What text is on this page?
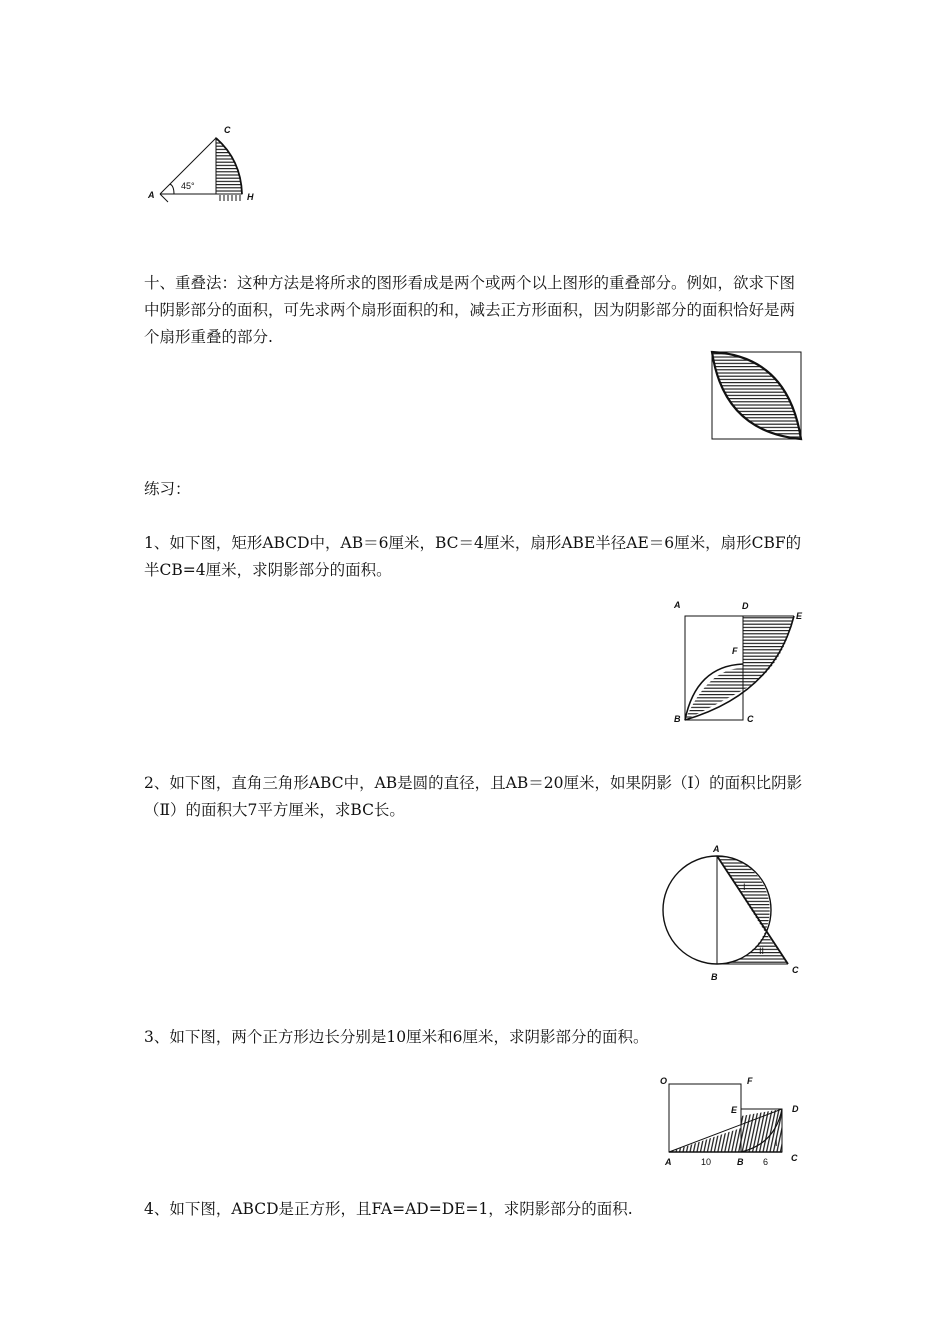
A
C
H
45°

十、重叠法：这种方法是将所求的图形看成是两个或两个以上图形的重叠部分。例如，欲求下图中阴影部分的面积，可先求两个扇形面积的和，减去正方形面积，因为阴影部分的面积恰好是两个扇形重叠的部分.

练习：

1、如下图，矩形ABCD中，AB＝6厘米，BC＝4厘米，扇形ABE半径AE＝6厘米，扇形CBF的半CB=4厘米，求阴影部分的面积。

A	D
E
F
B	C

2、如下图，直角三角形ABC中，AB是圆的直径，且AB＝20厘米，如果阴影（Ⅰ）的面积比阴影（Ⅱ）的面积大7平方厘米，求BC长。

A
B
C
I
II

3、如下图，两个正方形边长分别是10厘米和6厘米，求阴影部分的面积。

O	F
E	D
A	B	C
10	6
I

4、如下图，ABCD是正方形，且FA=AD=DE=1，求阴影部分的面积.
